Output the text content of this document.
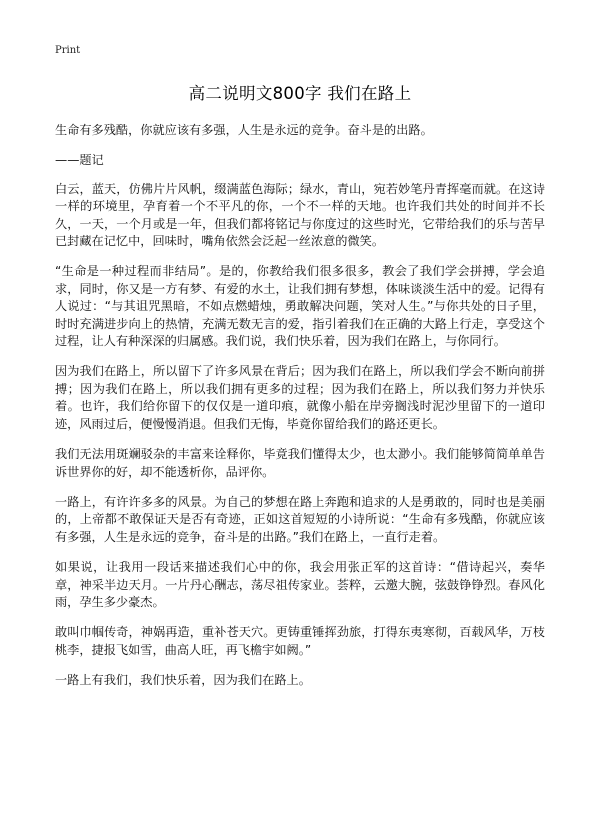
Print
高二说明文800字 我们在路上

生命有多残酷，你就应该有多强，人生是永远的竞争。奋斗是的出路。

——题记

白云，蓝天，仿佛片片风帆，缀满蓝色海际；绿水，青山，宛若妙笔丹青挥毫而就。在这诗一样的环境里，孕育着一个不平凡的你，一个不一样的天地。也许我们共处的时间并不长久，一天，一个月或是一年，但我们都将铭记与你度过的这些时光，它带给我们的乐与苦早已封藏在记忆中，回味时，嘴角依然会泛起一丝浓意的微笑。

“生命是一种过程而非结局”。是的，你教给我们很多很多，教会了我们学会拼搏，学会追求，同时，你又是一方有梦、有爱的水土，让我们拥有梦想，体味谈淡生活中的爱。记得有人说过：“与其诅咒黑暗，不如点燃蜡烛，勇敢解决问题，笑对人生。”与你共处的日子里，时时充满进步向上的热情，充满无数无言的爱，指引着我们在正确的大路上行走，享受这个过程，让人有种深深的归属感。我们说，我们快乐着，因为我们在路上，与你同行。

因为我们在路上，所以留下了许多风景在背后；因为我们在路上，所以我们学会不断向前拼搏；因为我们在路上，所以我们拥有更多的过程；因为我们在路上，所以我们努力并快乐着。也许，我们给你留下的仅仅是一道印痕，就像小船在岸旁搁浅时泥沙里留下的一道印迹，风雨过后，便慢慢消退。但我们无悔，毕竟你留给我们的路还更长。

我们无法用斑斓驳杂的丰富来诠释你，毕竟我们懂得太少，也太渺小。我们能够简简单单告诉世界你的好，却不能透析你，品评你。

一路上，有许许多多的风景。为自己的梦想在路上奔跑和追求的人是勇敢的，同时也是美丽的，上帝都不敢保证天是否有奇迹，正如这首短短的小诗所说：“生命有多残酷，你就应该有多强，人生是永远的竞争，奋斗是的出路。”我们在路上，一直行走着。

如果说，让我用一段话来描述我们心中的你，我会用张正军的这首诗：“借诗起兴，奏华章，神采半边天月。一片丹心酬志，荡尽祖传家业。荟粹，云邀大腕，弦鼓铮铮烈。春风化雨，孕生多少豪杰。

敢叫巾帼传奇，神娲再造，重补苍天穴。更铸重锤挥劲旅，打得东夷寒彻，百载风华，万枝桃李，捷报飞如雪，曲高人旺，再飞檐宇如阙。”

一路上有我们，我们快乐着，因为我们在路上。
